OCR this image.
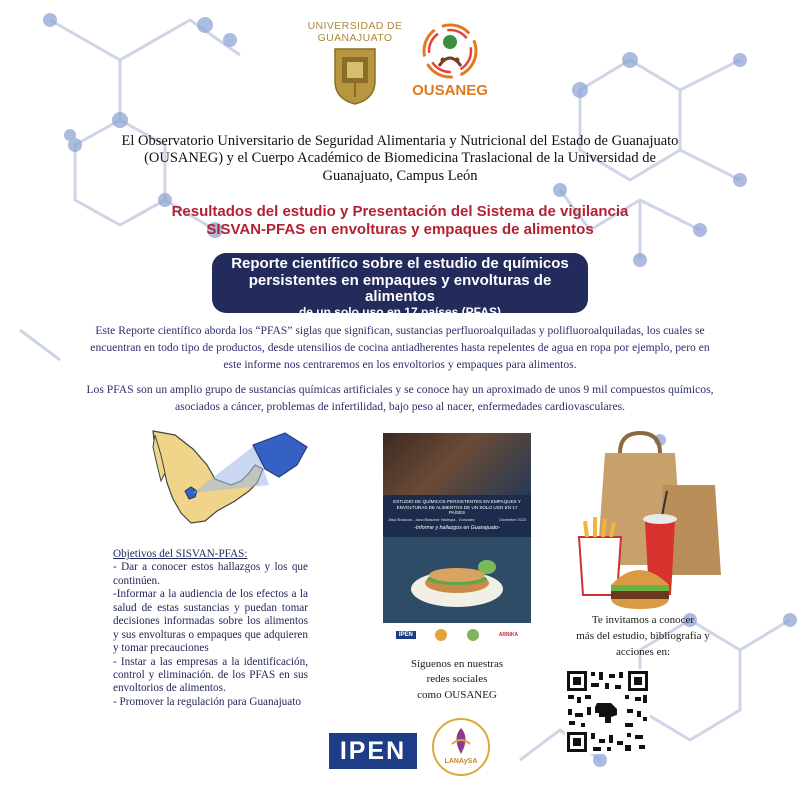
UNIVERSIDAD DE GUANAJUATO
OUSANEG
El Observatorio Universitario de Seguridad Alimentaria y Nutricional del Estado de Guanajuato (OUSANEG) y el Cuerpo Académico de Biomedicina Traslacional de la Universidad de Guanajuato, Campus León
Resultados del estudio y Presentación del Sistema de vigilancia SISVAN-PFAS en envolturas y empaques de alimentos
Reporte científico sobre el estudio de químicos
persistentes en empaques y envolturas de alimentos
de un solo uso en 17 países (PFAS)
Este Reporte científico aborda los “PFAS” siglas que significan, sustancias perfluoroalquiladas y polifluoroalquiladas, los cuales se encuentran en todo tipo de productos, desde utensilios de cocina antiadherentes hasta repelentes de agua en ropa por ejemplo, pero en este informe nos centraremos en los envoltorios y empaques para alimentos.
Los PFAS son un amplio grupo de sustancias químicas artificiales y se conoce hay un aproximado de unos 9 mil compuestos químicos, asociados a cáncer, problemas de infertilidad, bajo peso al nacer, enfermedades cardiovasculares.
Objetivos del SISVAN-PFAS:
- Dar a conocer estos hallazgos y los que continúen.
-Informar a la audiencia de los efectos a la salud de estas sustancias y puedan tomar decisiones informadas sobre los alimentos y sus envolturas o empaques que adquieren y tomar precauciones
- Instar a las empresas a la identificación, control y eliminación. de los PFAS en sus envoltorios de alimentos.
- Promover la regulación para Guanajuato
ESTUDIO DE QUÍMICOS PERSISTENTES EN EMPAQUES Y ENVOLTURAS DE ALIMENTOS DE UN SOLO USO EN 17 PAÍSES
Jitka Strakova - Jana Brascher Hadrupa - Gonzalez	Diciembre 2023
-Informe y hallazgos en Guanajuato-
IPEN	ARNIKA
Síguenos en nuestras
redes sociales
como OUSANEG
Te invitamos a conocer
más del estudio, bibliografía y
acciones en:
IPEN	LANAySA
